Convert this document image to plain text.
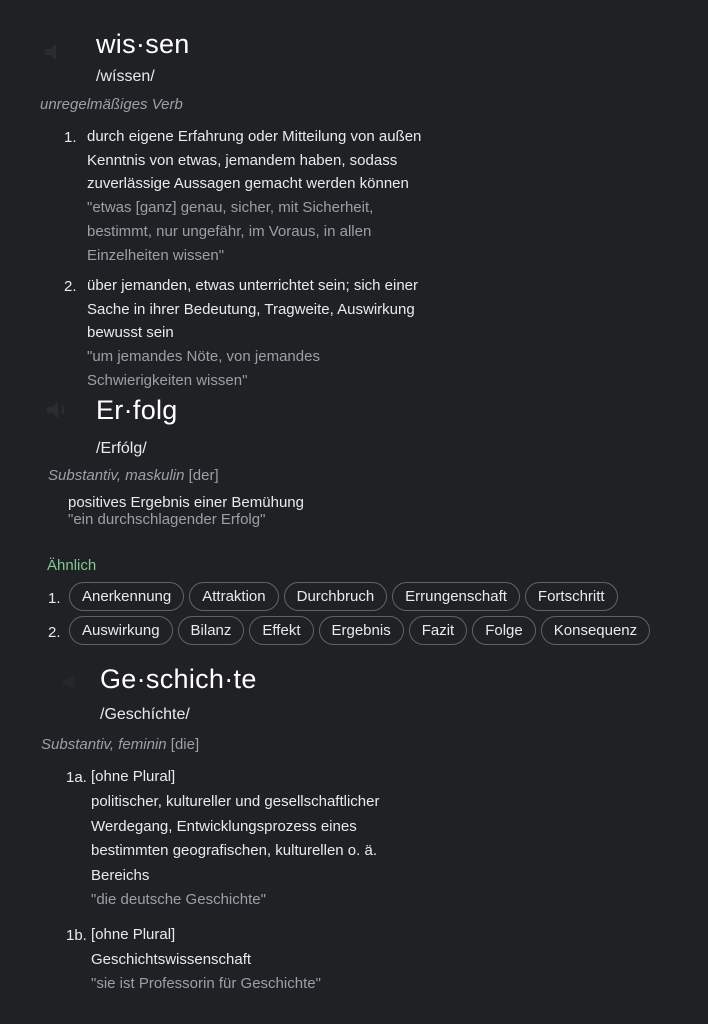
wis·sen
/wíssen/
unregelmäßiges Verb
1. durch eigene Erfahrung oder Mitteilung von außen
Kenntnis von etwas, jemandem haben, sodass
zuverlässige Aussagen gemacht werden können
"etwas [ganz] genau, sicher, mit Sicherheit,
bestimmt, nur ungefähr, im Voraus, in allen
Einzelheiten wissen"
2. über jemanden, etwas unterrichtet sein; sich einer
Sache in ihrer Bedeutung, Tragweite, Auswirkung
bewusst sein
"um jemandes Nöte, von jemandes
Schwierigkeiten wissen"
Er·folg
/Erfólg/
Substantiv, maskulin [der]
positives Ergebnis einer Bemühung
"ein durchschlagender Erfolg"
Ähnlich
1.	Anerkennung	Attraktion	Durchbruch	Errungenschaft	Fortschritt
2.	Auswirkung	Bilanz	Effekt	Ergebnis	Fazit	Folge	Konsequenz
Ge·schich·te
/Geschíchte/
Substantiv, feminin [die]
1a. [ohne Plural]
politischer, kultureller und gesellschaftlicher
Werdegang, Entwicklungsprozess eines
bestimmten geografischen, kulturellen o. ä.
Bereichs
"die deutsche Geschichte"
1b. [ohne Plural]
Geschichtswissenschaft
"sie ist Professorin für Geschichte"
